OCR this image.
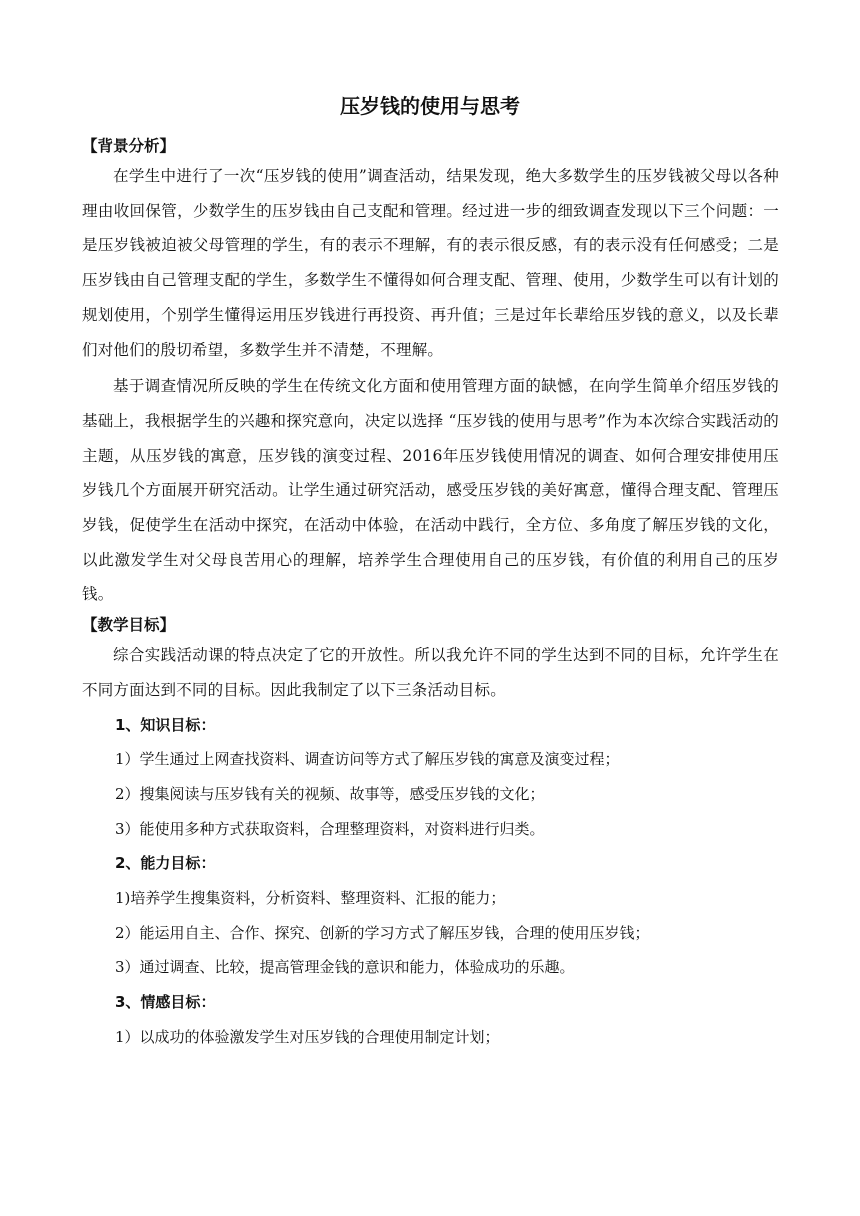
压岁钱的使用与思考
【背景分析】

在学生中进行了一次“压岁钱的使用”调查活动，结果发现，绝大多数学生的压岁钱被父母以各种理由收回保管，少数学生的压岁钱由自己支配和管理。经过进一步的细致调查发现以下三个问题：一是压岁钱被迫被父母管理的学生，有的表示不理解，有的表示很反感，有的表示没有任何感受；二是压岁钱由自己管理支配的学生，多数学生不懂得如何合理支配、管理、使用，少数学生可以有计划的规划使用，个别学生懂得运用压岁钱进行再投资、再升值；三是过年长辈给压岁钱的意义，以及长辈们对他们的殷切希望，多数学生并不清楚，不理解。

基于调查情况所反映的学生在传统文化方面和使用管理方面的缺憾，在向学生简单介绍压岁钱的基础上，我根据学生的兴趣和探究意向，决定以选择 “压岁钱的使用与思考”作为本次综合实践活动的主题，从压岁钱的寓意，压岁钱的演变过程、2016年压岁钱使用情况的调查、如何合理安排使用压岁钱几个方面展开研究活动。让学生通过研究活动，感受压岁钱的美好寓意，懂得合理支配、管理压岁钱，促使学生在活动中探究，在活动中体验，在活动中践行，全方位、多角度了解压岁钱的文化，以此激发学生对父母良苦用心的理解，培养学生合理使用自己的压岁钱，有价值的利用自己的压岁钱。

【教学目标】

综合实践活动课的特点决定了它的开放性。所以我允许不同的学生达到不同的目标，允许学生在不同方面达到不同的目标。因此我制定了以下三条活动目标。

1、知识目标：
1）学生通过上网查找资料、调查访问等方式了解压岁钱的寓意及演变过程；
2）搜集阅读与压岁钱有关的视频、故事等，感受压岁钱的文化；
3）能使用多种方式获取资料，合理整理资料，对资料进行归类。
2、能力目标：
1)培养学生搜集资料，分析资料、整理资料、汇报的能力；
2）能运用自主、合作、探究、创新的学习方式了解压岁钱，合理的使用压岁钱；
3）通过调查、比较，提高管理金钱的意识和能力，体验成功的乐趣。
3、情感目标：
1）以成功的体验激发学生对压岁钱的合理使用制定计划；
